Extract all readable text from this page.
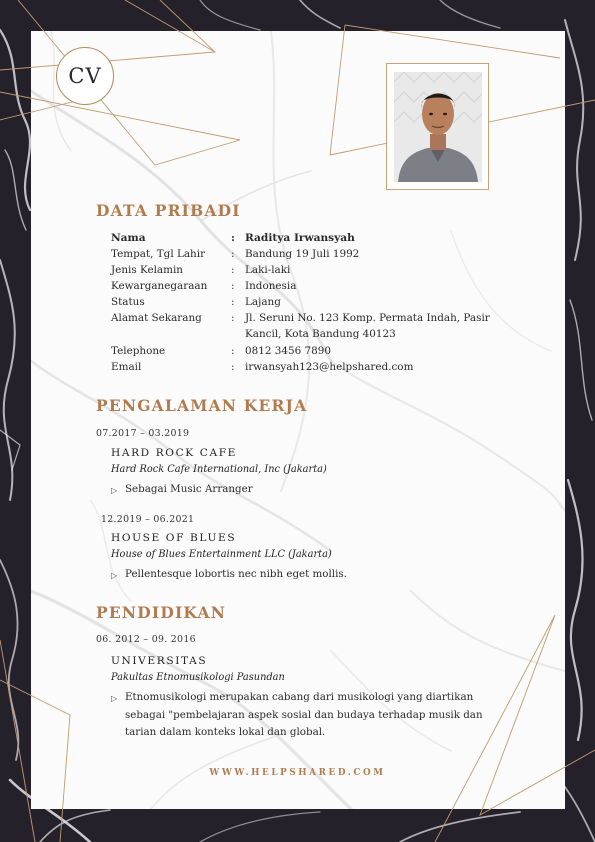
CV
DATA PRIBADI
Nama	: Raditya Irwansyah
Tempat, Tgl Lahir : Bandung 19 Juli 1992
Jenis Kelamin	: Laki-laki
Kewarganegaraan : Indonesia
Status	: Lajang
Alamat Sekarang	: Jl. Seruni No. 123 Komp. Permata Indah, Pasir Kancil, Kota Bandung 40123
Telephone	: 0812 3456 7890
Email	: irwansyah123@helpshared.com
PENGALAMAN KERJA
07.2017 – 03.2019
HARD ROCK CAFE
Hard Rock Cafe International, Inc (Jakarta)
▷ Sebagai Music Arranger
12.2019 – 06.2021
HOUSE OF BLUES
House of Blues Entertainment LLC (Jakarta)
▷ Pellentesque lobortis nec nibh eget mollis.
PENDIDIKAN
06. 2012 – 09. 2016
UNIVERSITAS
Pakultas Etnomusikologi Pasundan
▷ Etnomusikologi merupakan cabang dari musikologi yang diartikan sebagai "pembelajaran aspek sosial dan budaya terhadap musik dan tarian dalam konteks lokal dan global.
WWW.HELPSHARED.COM
